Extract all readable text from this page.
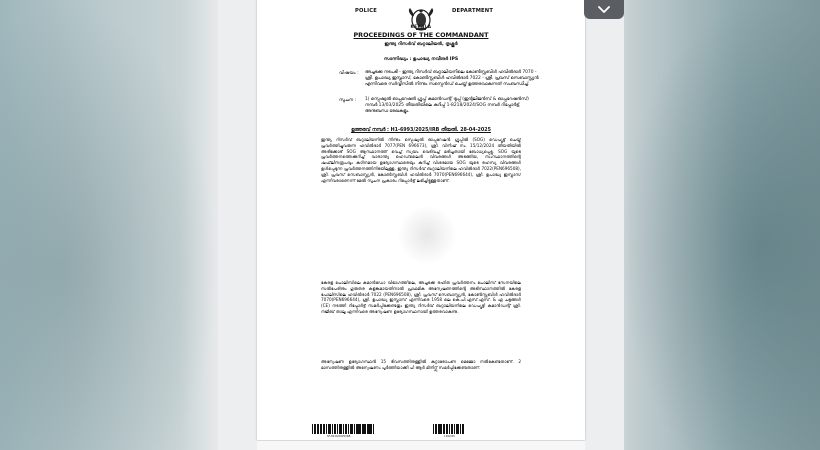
POLICE	DEPARTMENT
KERALA
PROCEEDINGS OF THE COMMANDANT
ഇന്ത്യ റിസർവ് ബറ്റാലിയൻ, തൃശ്ശൂർ
സാന്നിദ്ധ്യം : ഉപാദ്ധ്യ നവീന്ദർ IPS
വിഷയം : അച്ചടക്ക നടപടി - ഇന്ത്യ റിസർവ് ബറ്റാലിയനിലെ കോൺസ്റ്റബിൾ ഹവിൽദാർ 7070 - ശ്രീ. ഉപാദ്ധ്യ ഇസ്ലാസ്, കോൺസ്റ്റബിൾ ഹവിൽദാർ 7022 - ശ്രീ. പ്രവസ് സെബാസ്റ്റ്യൻ എന്നിവരെ സർവ്വീസിൽ നിന്നും സസ്പെൻഡ് ചെയ്ത് ഉത്തരവാകുന്നത് സംബന്ധിച്ച്.
സൂചന : 1) സ്പെഷ്യൽ ഓപ്പറേഷൻ ഗ്രൂപ്പ് കമാൻഡന്റ് ട്രൂപ്പ് (ഇന്റലിജൻസ് & ഓപ്പറേഷൻസ്) നമ്പർ 13/03/2025 തീയതിയിലെ കുറിപ്പ് 1-8218/2024/SOG നമ്പർ റിപ്പോർട്ട്, അനുബന്ധ രേഖകളും.
ഉത്തരവ് നമ്പർ : H1-6993/2025/IRB തീയതി. 28-04-2025
ഇന്ത്യ റിസർവ് ബറ്റാലിയനിൽ നിന്നും സ്പെഷ്യൽ ഓപ്പറേഷൻ ഗ്രൂപ്പിൽ (SOG) ഡെപ്യൂട്ട് ചെയ്ത് പ്രവർത്തിച്ചുവരുന്ന ഹവിൽദാർ 7077(PEN 696673), ശ്രീ. വിനീഷ് നം. 15/12/2024 തീയതിയിൽ അരീക്കോട് SOG ആസ്ഥാനത്ത് വെച്ച് സ്വയം വെടിവച്ച് മരിച്ചതായി ബോധ്യപ്പെട്ടു. SOG യുടെ പ്രവർത്തനത്തെക്കുറിച്ച് വാരാന്ത്യ ഹെഡ്‌ലൈൻ വിവരങ്ങൾ അടങ്ങിയ, സംസ്ഥാനത്തിന്റെ ഷഫ്‌ലീനരൂപവും കഠിനമായ ഉദ്യോഗസ്ഥരെയും കുറിച്ച് വിശദമായ SOG യുടെ രഹസ്യ വിവരങ്ങൾ ഉൾപ്പെടുന്ന പ്രവർത്തനത്തിനിടയിലുള്ള, ഇന്ത്യ റിസർവ് ബറ്റാലിയനിലെ ഹവിൽദാർ 7022(PEN696508), ശ്രീ. പ്രവസ് സെബാസ്റ്റ്യൻ, കോൺസ്റ്റബിൾ ഹവിൽദാർ 7070(PEN696644), ശ്രീ. ഉപാദ്ധ്യ ഇസ്ലാസ് എന്നിവരാണെന്ന് മേൽ സൂചന പ്രകാരം റിപ്പോർട്ട് ലഭിച്ചിട്ടുള്ളതാണ്.
കേരള പോലീസിലെ കമാൻഡോ വിഭാഗത്തിലെ, അച്ചടക്ക രഹിത പ്രവർത്തനം പോലീസ് സേനയിലെ സൽപേരിനും ഗുരുതര കളങ്കമായതിനാൽ പ്രാഥമിക അന്വേഷണത്തിന്റെ അടിസ്ഥാനത്തിൽ കേരള പോലീസിലെ ഹവിൽദാർ 7022 (PEN696508), ശ്രീ. പ്രവസ് സെബാസ്റ്റ്യൻ, കോൺസ്റ്റബിൾ ഹവിൽദാർ 7070(PEN696644), ശ്രീ. ഉപാദ്ധ്യ ഇസ്ലാസ് എന്നിവരെ 1958 ലെ കെ.പി.എസ്.എസ്. & എ ചട്ടങ്ങൾ (CE) നടത്തി റിപ്പോർട്ട് സമർപ്പിക്കേണ്ടതും ഇന്ത്യ റിസർവ് ബറ്റാലിയനിലെ ഡെപ്യൂട്ടി കമാൻഡന്റ് ശ്രീ. നജീബ് താലൂ എന്നിവരെ അന്വേഷണ ഉദ്യോഗസ്ഥനായി ഉത്തരവാകുന്നു.
അന്വേഷണ ഉദ്യോഗസ്ഥൻ 15 ദിവസത്തിനുള്ളിൽ കുറ്റാരോപണ മെമ്മോ നൽകേണ്ടതാണ്. 2 മാസത്തിനുള്ളിൽ അന്വേഷണം പൂർത്തിയാക്കി പി ആർ മിനിറ്റ്സ് സമർപ്പിക്കേണ്ടതാണ്.
SF-8210/2025/IRB	1182/25
